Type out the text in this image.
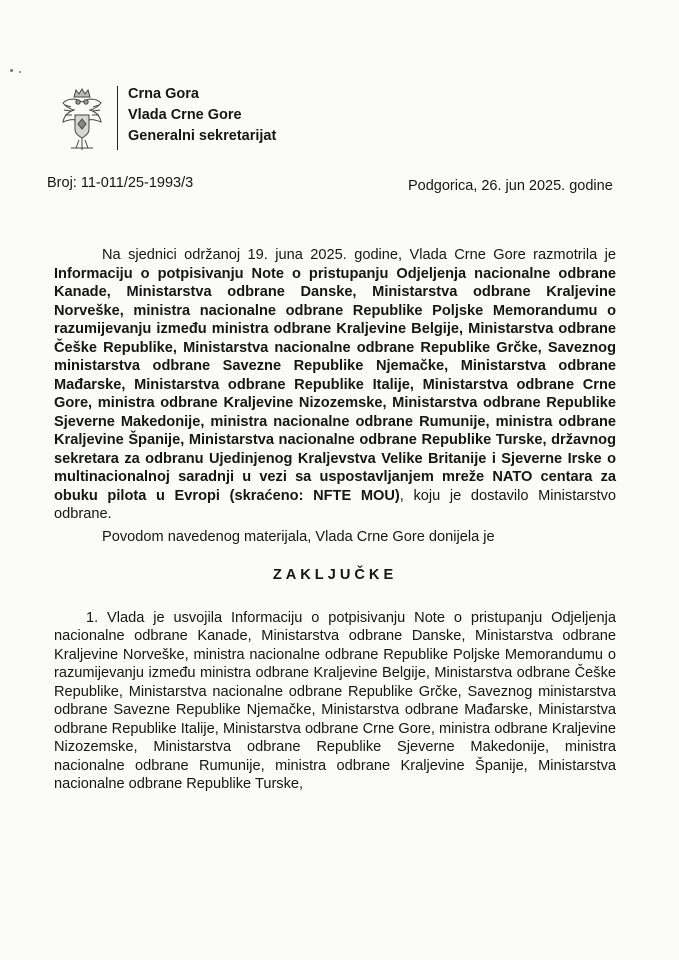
Crna Gora
Vlada Crne Gore
Generalni sekretarijat
Broj: 11-011/25-1993/3	Podgorica, 26. jun 2025. godine

Na sjednici održanoj 19. juna 2025. godine, Vlada Crne Gore razmotrila je Informaciju o potpisivanju Note o pristupanju Odjeljenja nacionalne odbrane Kanade, Ministarstva odbrane Danske, Ministarstva odbrane Kraljevine Norveške, ministra nacionalne odbrane Republike Poljske Memorandumu o razumijevanju između ministra odbrane Kraljevine Belgije, Ministarstva odbrane Češke Republike, Ministarstva nacionalne odbrane Republike Grčke, Saveznog ministarstva odbrane Savezne Republike Njemačke, Ministarstva odbrane Mađarske, Ministarstva odbrane Republike Italije, Ministarstva odbrane Crne Gore, ministra odbrane Kraljevine Nizozemske, Ministarstva odbrane Republike Sjeverne Makedonije, ministra nacionalne odbrane Rumunije, ministra odbrane Kraljevine Španije, Ministarstva nacionalne odbrane Republike Turske, državnog sekretara za odbranu Ujedinjenog Kraljevstva Velike Britanije i Sjeverne Irske o multinacionalnoj saradnji u vezi sa uspostavljanjem mreže NATO centara za obuku pilota u Evropi (skraćeno: NFTE MOU), koju je dostavilo Ministarstvo odbrane.

Povodom navedenog materijala, Vlada Crne Gore donijela je

ZAKLJUČKE

1. Vlada je usvojila Informaciju o potpisivanju Note o pristupanju Odjeljenja nacionalne odbrane Kanade, Ministarstva odbrane Danske, Ministarstva odbrane Kraljevine Norveške, ministra nacionalne odbrane Republike Poljske Memorandumu o razumijevanju između ministra odbrane Kraljevine Belgije, Ministarstva odbrane Češke Republike, Ministarstva nacionalne odbrane Republike Grčke, Saveznog ministarstva odbrane Savezne Republike Njemačke, Ministarstva odbrane Mađarske, Ministarstva odbrane Republike Italije, Ministarstva odbrane Crne Gore, ministra odbrane Kraljevine Nizozemske, Ministarstva odbrane Republike Sjeverne Makedonije, ministra nacionalne odbrane Rumunije, ministra odbrane Kraljevine Španije, Ministarstva nacionalne odbrane Republike Turske,
